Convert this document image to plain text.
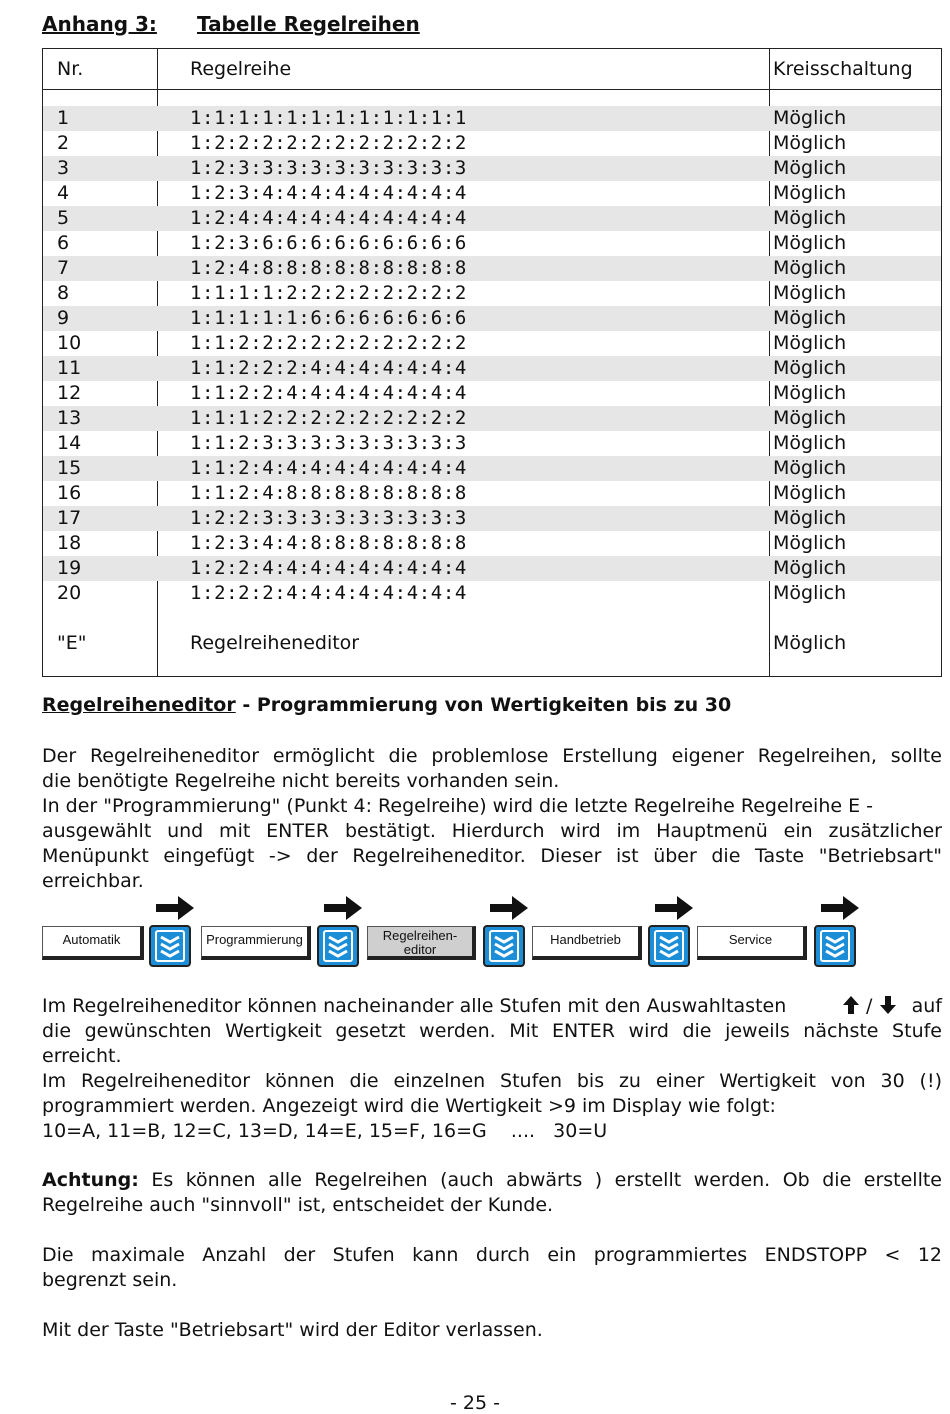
Anhang 3: Tabelle Regelreihen
Nr.	Regelreihe	Kreisschaltung
1	1:1:1:1:1:1:1:1:1:1:1:1	Möglich
2	1:2:2:2:2:2:2:2:2:2:2:2	Möglich
3	1:2:3:3:3:3:3:3:3:3:3:3	Möglich
4	1:2:3:4:4:4:4:4:4:4:4:4	Möglich
5	1:2:4:4:4:4:4:4:4:4:4:4	Möglich
6	1:2:3:6:6:6:6:6:6:6:6:6	Möglich
7	1:2:4:8:8:8:8:8:8:8:8:8	Möglich
8	1:1:1:1:2:2:2:2:2:2:2:2	Möglich
9	1:1:1:1:1:6:6:6:6:6:6:6	Möglich
10	1:1:2:2:2:2:2:2:2:2:2:2	Möglich
11	1:1:2:2:2:4:4:4:4:4:4:4	Möglich
12	1:1:2:2:4:4:4:4:4:4:4:4	Möglich
13	1:1:1:2:2:2:2:2:2:2:2:2	Möglich
14	1:1:2:3:3:3:3:3:3:3:3:3	Möglich
15	1:1:2:4:4:4:4:4:4:4:4:4	Möglich
16	1:1:2:4:8:8:8:8:8:8:8:8	Möglich
17	1:2:2:3:3:3:3:3:3:3:3:3	Möglich
18	1:2:3:4:4:8:8:8:8:8:8:8	Möglich
19	1:2:2:4:4:4:4:4:4:4:4:4	Möglich
20	1:2:2:2:4:4:4:4:4:4:4:4	Möglich
"E"	Regelreiheneditor	Möglich
Regelreiheneditor - Programmierung von Wertigkeiten bis zu 30
Der Regelreiheneditor ermöglicht die problemlose Erstellung eigener Regelreihen, sollte
die benötigte Regelreihe nicht bereits vorhanden sein.
In der "Programmierung" (Punkt 4: Regelreihe) wird die letzte Regelreihe Regelreihe E -
ausgewählt und mit ENTER bestätigt. Hierdurch wird im Hauptmenü ein zusätzlicher
Menüpunkt eingefügt -> der Regelreiheneditor. Dieser ist über die Taste "Betriebsart"
erreichbar.
Automatik	Programmierung	Regelreihen-
editor
Handbetrieb	Service
Im Regelreiheneditor können nacheinander alle Stufen mit den Auswahltasten	/	auf
die gewünschten Wertigkeit gesetzt werden. Mit ENTER wird die jeweils nächste Stufe
erreicht.
Im Regelreiheneditor können die einzelnen Stufen bis zu einer Wertigkeit von 30 (!)
programmiert werden. Angezeigt wird die Wertigkeit >9 im Display wie folgt:
10=A, 11=B, 12=C, 13=D, 14=E, 15=F, 16=G    ....   30=U
Achtung: Es können alle Regelreihen (auch abwärts ) erstellt werden. Ob die erstellte
Regelreihe auch "sinnvoll" ist, entscheidet der Kunde.
Die maximale Anzahl der Stufen kann durch ein programmiertes ENDSTOPP < 12
begrenzt sein.
Mit der Taste "Betriebsart" wird der Editor verlassen.
- 25 -
